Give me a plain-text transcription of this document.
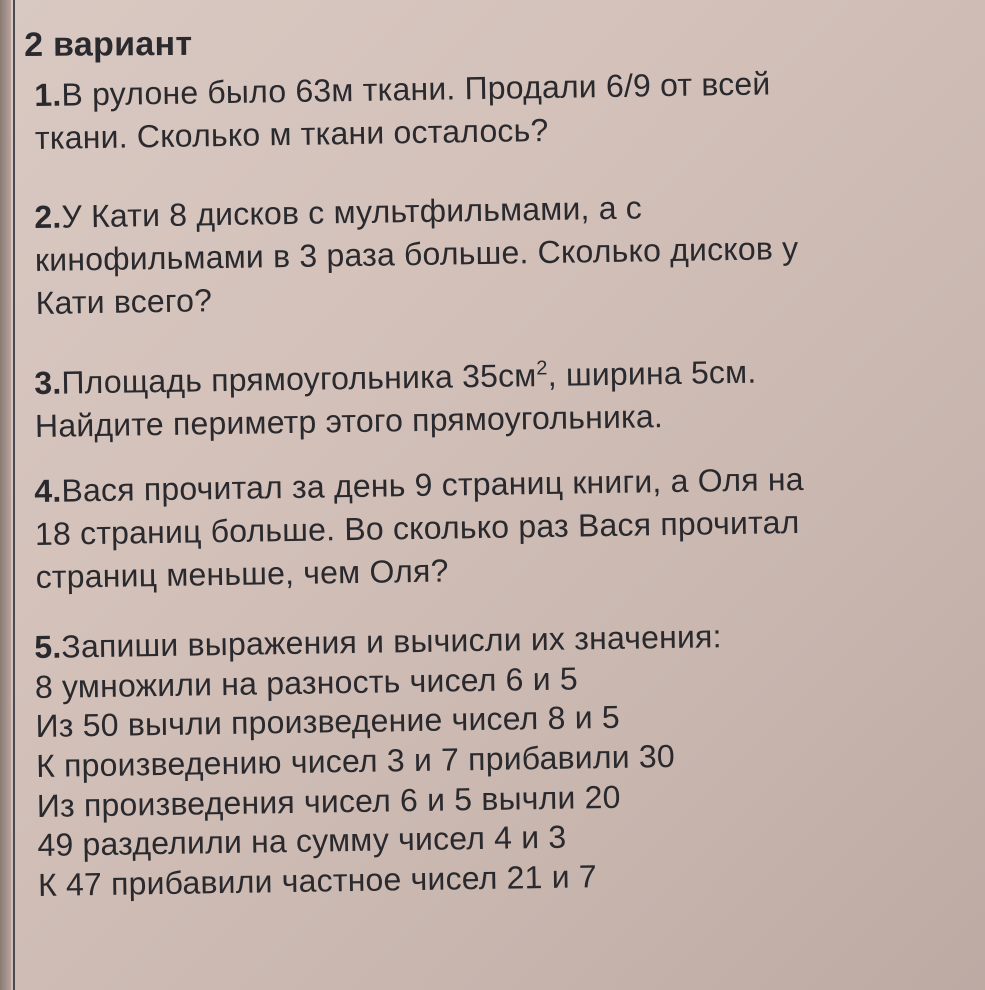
2 вариант
1.В рулоне было 63м ткани. Продали 6/9 от всей
ткани. Сколько м ткани осталось?
2.У Кати 8 дисков с мультфильмами, а с
кинофильмами в 3 раза больше. Сколько дисков у
Кати всего?
3.Площадь прямоугольника $35см^2$, ширина 5см.
Найдите периметр этого прямоугольника.
4.Вася прочитал за день 9 страниц книги, а Оля на
18 страниц больше. Во сколько раз Вася прочитал
страниц меньше, чем Оля?
5.Запиши выражения и вычисли их значения:
8 умножили на разность чисел 6 и 5
Из 50 вычли произведение чисел 8 и 5
К произведению чисел 3 и 7 прибавили 30
Из произведения чисел 6 и 5 вычли 20
49 разделили на сумму чисел 4 и 3
К 47 прибавили частное чисел 21 и 7
